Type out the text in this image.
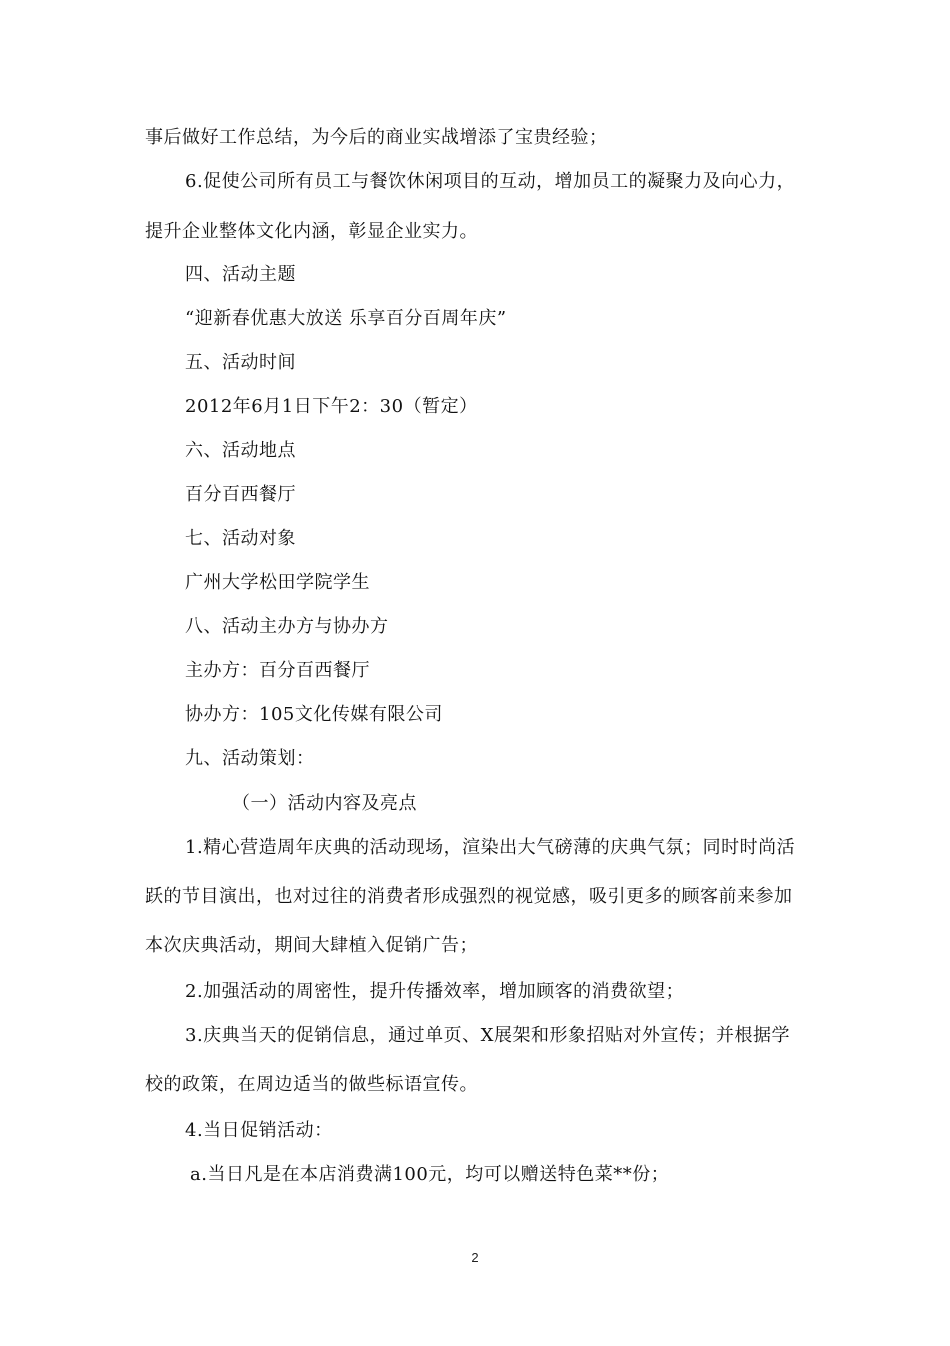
事后做好工作总结，为今后的商业实战增添了宝贵经验；
6.促使公司所有员工与餐饮休闲项目的互动，增加员工的凝聚力及向心力，
提升企业整体文化内涵，彰显企业实力。
四、活动主题
“迎新春优惠大放送 乐享百分百周年庆”
五、活动时间
2012年6月1日下午2：30（暂定）
六、活动地点
百分百西餐厅
七、活动对象
广州大学松田学院学生
八、活动主办方与协办方
主办方：百分百西餐厅
协办方：105文化传媒有限公司
九、活动策划：
（一）活动内容及亮点
1.精心营造周年庆典的活动现场，渲染出大气磅薄的庆典气氛；同时时尚活
跃的节目演出，也对过往的消费者形成强烈的视觉感，吸引更多的顾客前来参加
本次庆典活动，期间大肆植入促销广告；
2.加强活动的周密性，提升传播效率，增加顾客的消费欲望；
3.庆典当天的促销信息，通过单页、X展架和形象招贴对外宣传；并根据学
校的政策，在周边适当的做些标语宣传。
4.当日促销活动：
a.当日凡是在本店消费满100元，均可以赠送特色菜**份；
2
